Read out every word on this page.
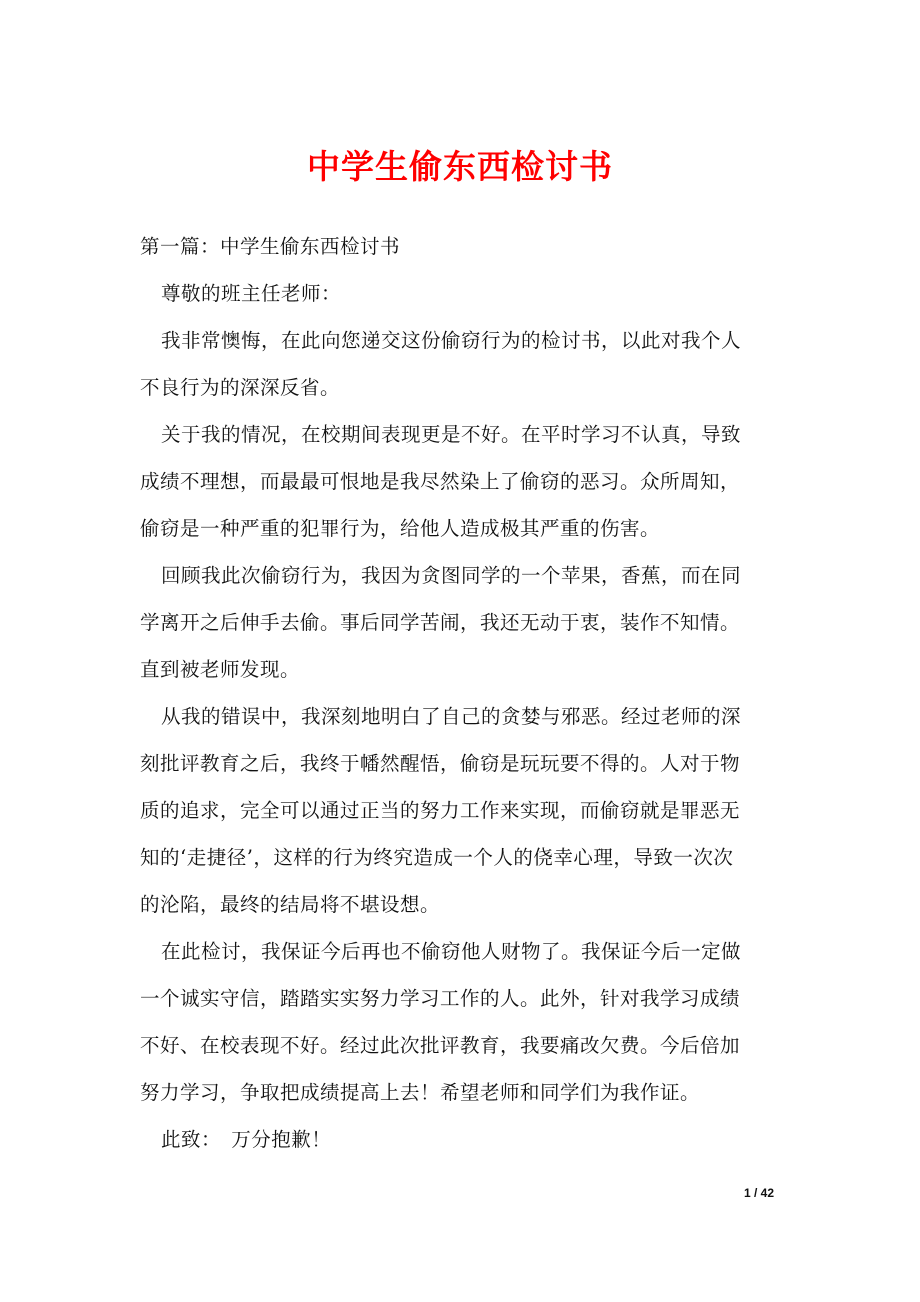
中学生偷东西检讨书
第一篇：中学生偷东西检讨书
尊敬的班主任老师：
我非常懊悔，在此向您递交这份偷窃行为的检讨书，以此对我个人
不良行为的深深反省。
关于我的情况，在校期间表现更是不好。在平时学习不认真，导致
成绩不理想，而最最可恨地是我尽然染上了偷窃的恶习。众所周知，
偷窃是一种严重的犯罪行为，给他人造成极其严重的伤害。
回顾我此次偷窃行为，我因为贪图同学的一个苹果，香蕉，而在同
学离开之后伸手去偷。事后同学苦闹，我还无动于衷，装作不知情。
直到被老师发现。
从我的错误中，我深刻地明白了自己的贪婪与邪恶。经过老师的深
刻批评教育之后，我终于幡然醒悟，偷窃是玩玩要不得的。人对于物
质的追求，完全可以通过正当的努力工作来实现，而偷窃就是罪恶无
知的‘走捷径’，这样的行为终究造成一个人的侥幸心理，导致一次次
的沦陷，最终的结局将不堪设想。
在此检讨，我保证今后再也不偷窃他人财物了。我保证今后一定做
一个诚实守信，踏踏实实努力学习工作的人。此外，针对我学习成绩
不好、在校表现不好。经过此次批评教育，我要痛改欠费。今后倍加
努力学习，争取把成绩提高上去！希望老师和同学们为我作证。
此致：　万分抱歉！
1 / 42
